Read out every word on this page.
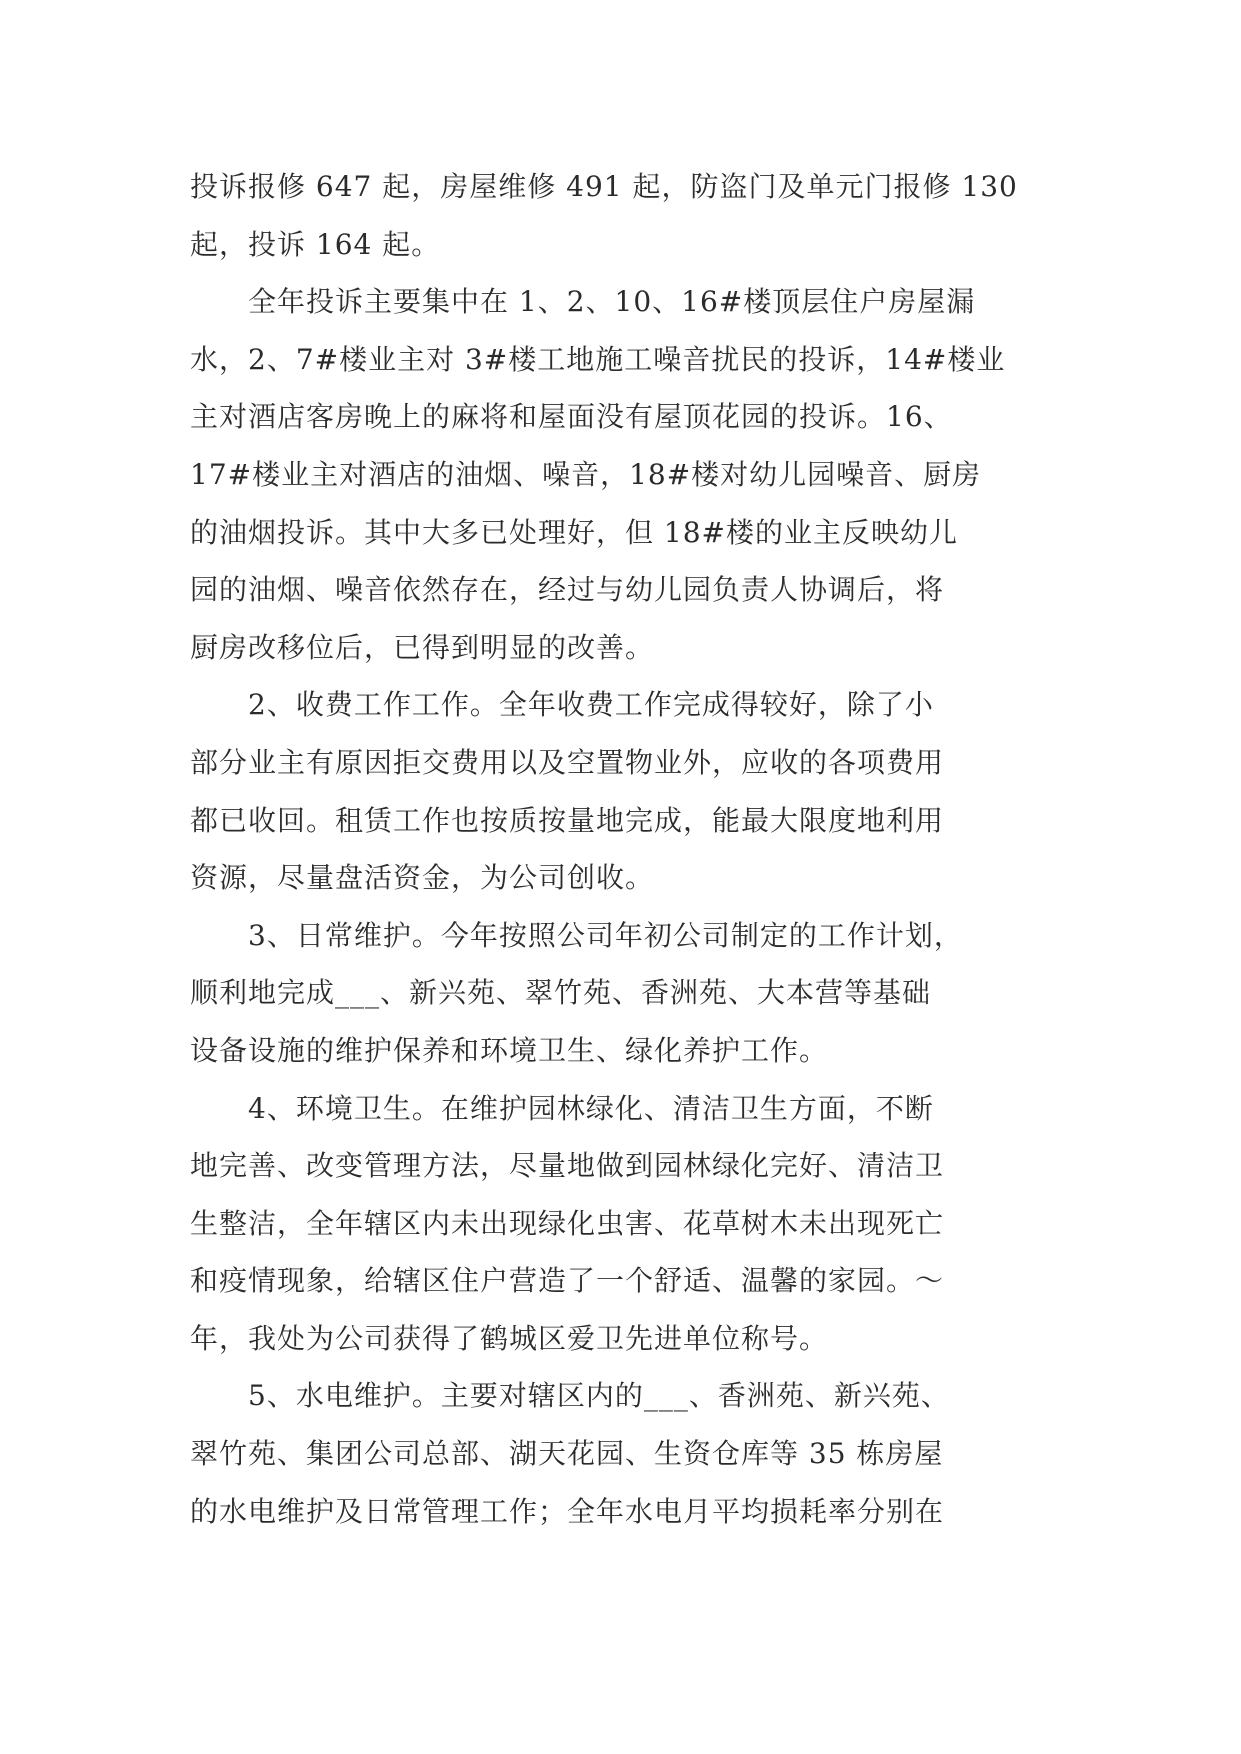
投诉报修 647 起，房屋维修 491 起，防盗门及单元门报修 130
起，投诉 164 起。
全年投诉主要集中在 1、2、10、16#楼顶层住户房屋漏
水，2、7#楼业主对 3#楼工地施工噪音扰民的投诉，14#楼业
主对酒店客房晚上的麻将和屋面没有屋顶花园的投诉。16、
17#楼业主对酒店的油烟、噪音，18#楼对幼儿园噪音、厨房
的油烟投诉。其中大多已处理好，但 18#楼的业主反映幼儿
园的油烟、噪音依然存在，经过与幼儿园负责人协调后，将
厨房改移位后，已得到明显的改善。
2、收费工作工作。全年收费工作完成得较好，除了小
部分业主有原因拒交费用以及空置物业外，应收的各项费用
都已收回。租赁工作也按质按量地完成，能最大限度地利用
资源，尽量盘活资金，为公司创收。
3、日常维护。今年按照公司年初公司制定的工作计划，
顺利地完成___、新兴苑、翠竹苑、香洲苑、大本营等基础
设备设施的维护保养和环境卫生、绿化养护工作。
4、环境卫生。在维护园林绿化、清洁卫生方面，不断
地完善、改变管理方法，尽量地做到园林绿化完好、清洁卫
生整洁，全年辖区内未出现绿化虫害、花草树木未出现死亡
和疫情现象，给辖区住户营造了一个舒适、温馨的家园。～
年，我处为公司获得了鹤城区爱卫先进单位称号。
5、水电维护。主要对辖区内的___、香洲苑、新兴苑、
翠竹苑、集团公司总部、湖天花园、生资仓库等 35 栋房屋
的水电维护及日常管理工作；全年水电月平均损耗率分别在
